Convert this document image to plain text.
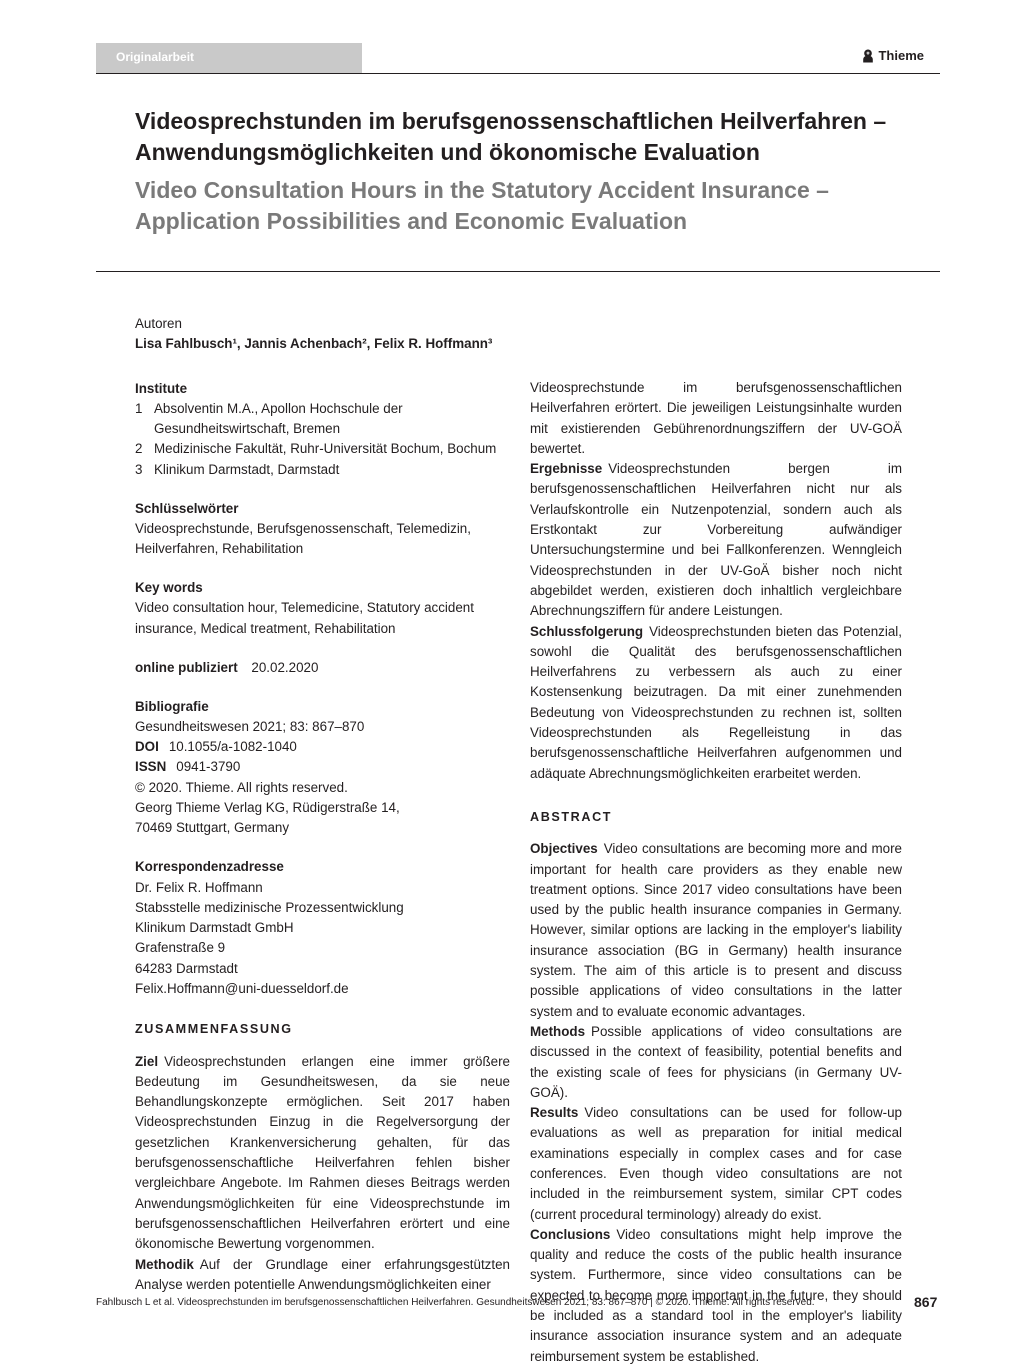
Originalarbeit	Thieme
Videosprechstunden im berufsgenossenschaftlichen Heilverfahren – Anwendungsmöglichkeiten und ökonomische Evaluation
Video Consultation Hours in the Statutory Accident Insurance – Application Possibilities and Economic Evaluation
Autoren
Lisa Fahlbusch¹, Jannis Achenbach², Felix R. Hoffmann³
Institute
1 Absolventin M.A., Apollon Hochschule der Gesundheitswirtschaft, Bremen
2 Medizinische Fakultät, Ruhr-Universität Bochum, Bochum
3 Klinikum Darmstadt, Darmstadt
Schlüsselwörter
Videosprechstunde, Berufsgenossenschaft, Telemedizin, Heilverfahren, Rehabilitation
Key words
Video consultation hour, Telemedicine, Statutory accident insurance, Medical treatment, Rehabilitation
online publiziert 20.02.2020
Bibliografie
Gesundheitswesen 2021; 83: 867–870
DOI 10.1055/a-1082-1040
ISSN 0941-3790
© 2020. Thieme. All rights reserved.
Georg Thieme Verlag KG, Rüdigerstraße 14,
70469 Stuttgart, Germany
Korrespondenzadresse
Dr. Felix R. Hoffmann
Stabsstelle medizinische Prozessentwicklung
Klinikum Darmstadt GmbH
Grafenstraße 9
64283 Darmstadt
Felix.Hoffmann@uni-duesseldorf.de
ZUSAMMENFASSUNG
Ziel Videosprechstunden erlangen eine immer größere Bedeutung im Gesundheitswesen, da sie neue Behandlungskonzepte ermöglichen. Seit 2017 haben Videosprechstunden Einzug in die Regelversorgung der gesetzlichen Krankenversicherung gehalten, für das berufsgenossenschaftliche Heilverfahren fehlen bisher vergleichbare Angebote. Im Rahmen dieses Beitrags werden Anwendungsmöglichkeiten für eine Videosprechstunde im berufsgenossenschaftlichen Heilverfahren erörtert und eine ökonomische Bewertung vorgenommen.
Methodik Auf der Grundlage einer erfahrungsgestützten Analyse werden potentielle Anwendungsmöglichkeiten einer
Videosprechstunde im berufsgenossenschaftlichen Heilverfahren erörtert. Die jeweiligen Leistungsinhalte wurden mit existierenden Gebührenordnungsziffern der UV-GOÄ bewertet.
Ergebnisse Videosprechstunden bergen im berufsgenossenschaftlichen Heilverfahren nicht nur als Verlaufskontrolle ein Nutzenpotenzial, sondern auch als Erstkontakt zur Vorbereitung aufwändiger Untersuchungstermine und bei Fallkonferenzen. Wenngleich Videosprechstunden in der UV-GoÄ bisher noch nicht abgebildet werden, existieren doch inhaltlich vergleichbare Abrechnungsziffern für andere Leistungen.
Schlussfolgerung Videosprechstunden bieten das Potenzial, sowohl die Qualität des berufsgenossenschaftlichen Heilverfahrens zu verbessern als auch zu einer Kostensenkung beizutragen. Da mit einer zunehmenden Bedeutung von Videosprechstunden zu rechnen ist, sollten Videosprechstunden als Regelleistung in das berufsgenossenschaftliche Heilverfahren aufgenommen und adäquate Abrechnungsmöglichkeiten erarbeitet werden.
ABSTRACT
Objectives Video consultations are becoming more and more important for health care providers as they enable new treatment options. Since 2017 video consultations have been used by the public health insurance companies in Germany. However, similar options are lacking in the employer's liability insurance association (BG in Germany) health insurance system. The aim of this article is to present and discuss possible applications of video consultations in the latter system and to evaluate economic advantages.
Methods Possible applications of video consultations are discussed in the context of feasibility, potential benefits and the existing scale of fees for physicians (in Germany UV-GOÄ).
Results Video consultations can be used for follow-up evaluations as well as preparation for initial medical examinations especially in complex cases and for case conferences. Even though video consultations are not included in the reimbursement system, similar CPT codes (current procedural terminology) already do exist.
Conclusions Video consultations might help improve the quality and reduce the costs of the public health insurance system. Furthermore, since video consultations can be expected to become more important in the future, they should be included as a standard tool in the employer's liability insurance association insurance system and an adequate reimbursement system be established.
Fahlbusch L et al. Videosprechstunden im berufsgenossenschaftlichen Heilverfahren. Gesundheitswesen 2021; 83: 867–870 | © 2020. Thieme. All rights reserved.	867
